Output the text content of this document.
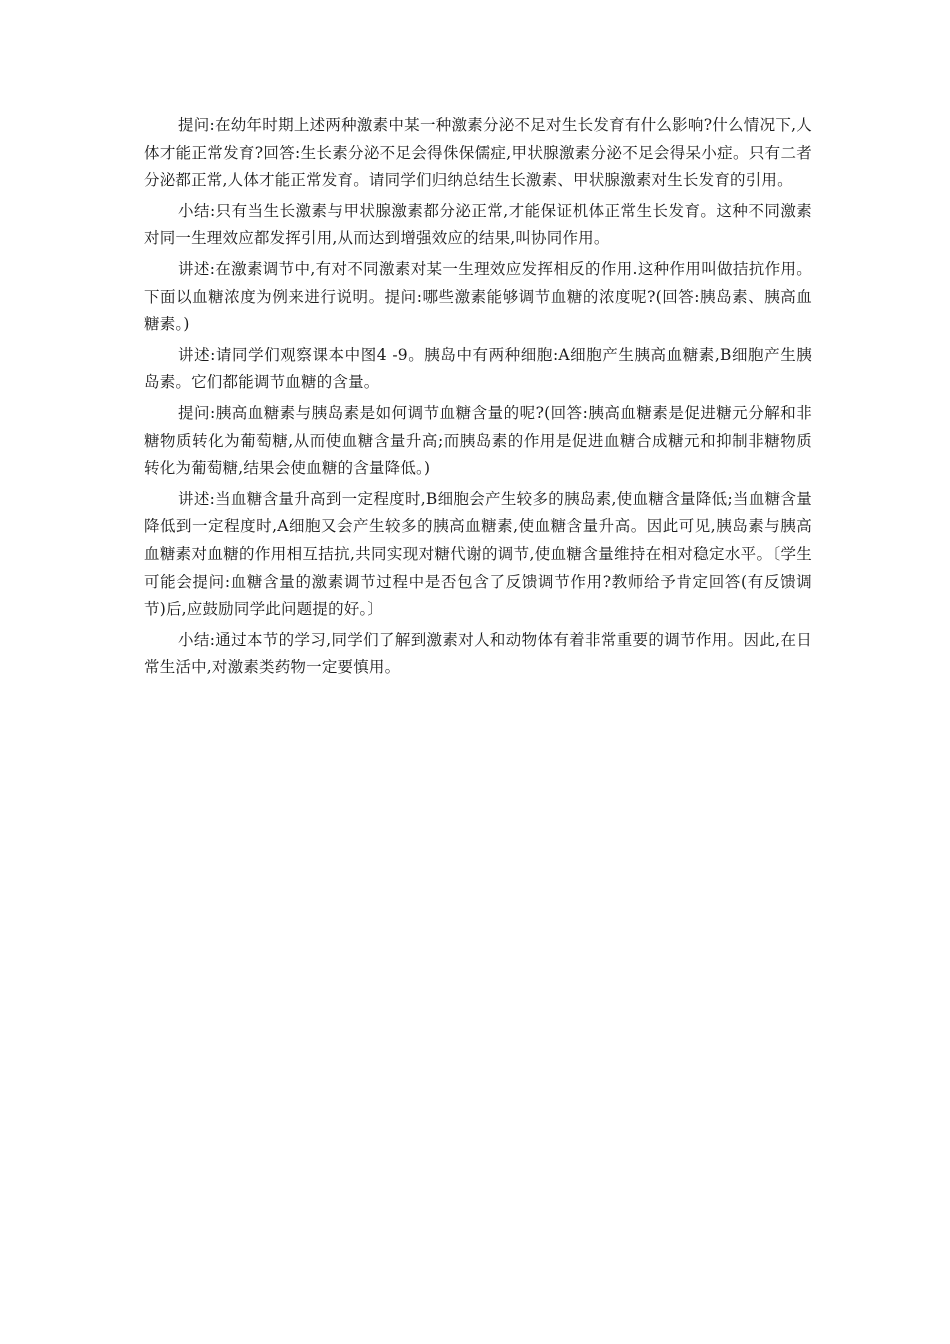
提问:在幼年时期上述两种激素中某一种激素分泌不足对生长发育有什么影响?什么情况下,人体才能正常发育?回答:生长素分泌不足会得侏保儒症,甲状腺激素分泌不足会得呆小症。只有二者分泌都正常,人体才能正常发育。请同学们归纳总结生长激素、甲状腺激素对生长发育的引用。

小结:只有当生长激素与甲状腺激素都分泌正常,才能保证机体正常生长发育。这种不同激素对同一生理效应都发挥引用,从而达到增强效应的结果,叫协同作用。

讲述:在激素调节中,有对不同激素对某一生理效应发挥相反的作用.这种作用叫做拮抗作用。下面以血糖浓度为例来进行说明。提问:哪些激素能够调节血糖的浓度呢?(回答:胰岛素、胰高血糖素。)

讲述:请同学们观察课本中图4 -9。胰岛中有两种细胞:A细胞产生胰高血糖素,B细胞产生胰岛素。它们都能调节血糖的含量。

提问:胰高血糖素与胰岛素是如何调节血糖含量的呢?(回答:胰高血糖素是促进糖元分解和非糖物质转化为葡萄糖,从而使血糖含量升高;而胰岛素的作用是促进血糖合成糖元和抑制非糖物质转化为葡萄糖,结果会使血糖的含量降低。)

讲述:当血糖含量升高到一定程度时,B细胞会产生较多的胰岛素,使血糖含量降低;当血糖含量降低到一定程度时,A细胞又会产生较多的胰高血糖素,使血糖含量升高。因此可见,胰岛素与胰高血糖素对血糖的作用相互拮抗,共同实现对糖代谢的调节,使血糖含量维持在相对稳定水平。〔学生可能会提问:血糖含量的激素调节过程中是否包含了反馈调节作用?教师给予肯定回答(有反馈调节)后,应鼓励同学此问题提的好。〕

小结:通过本节的学习,同学们了解到激素对人和动物体有着非常重要的调节作用。因此,在日常生活中,对激素类药物一定要慎用。
